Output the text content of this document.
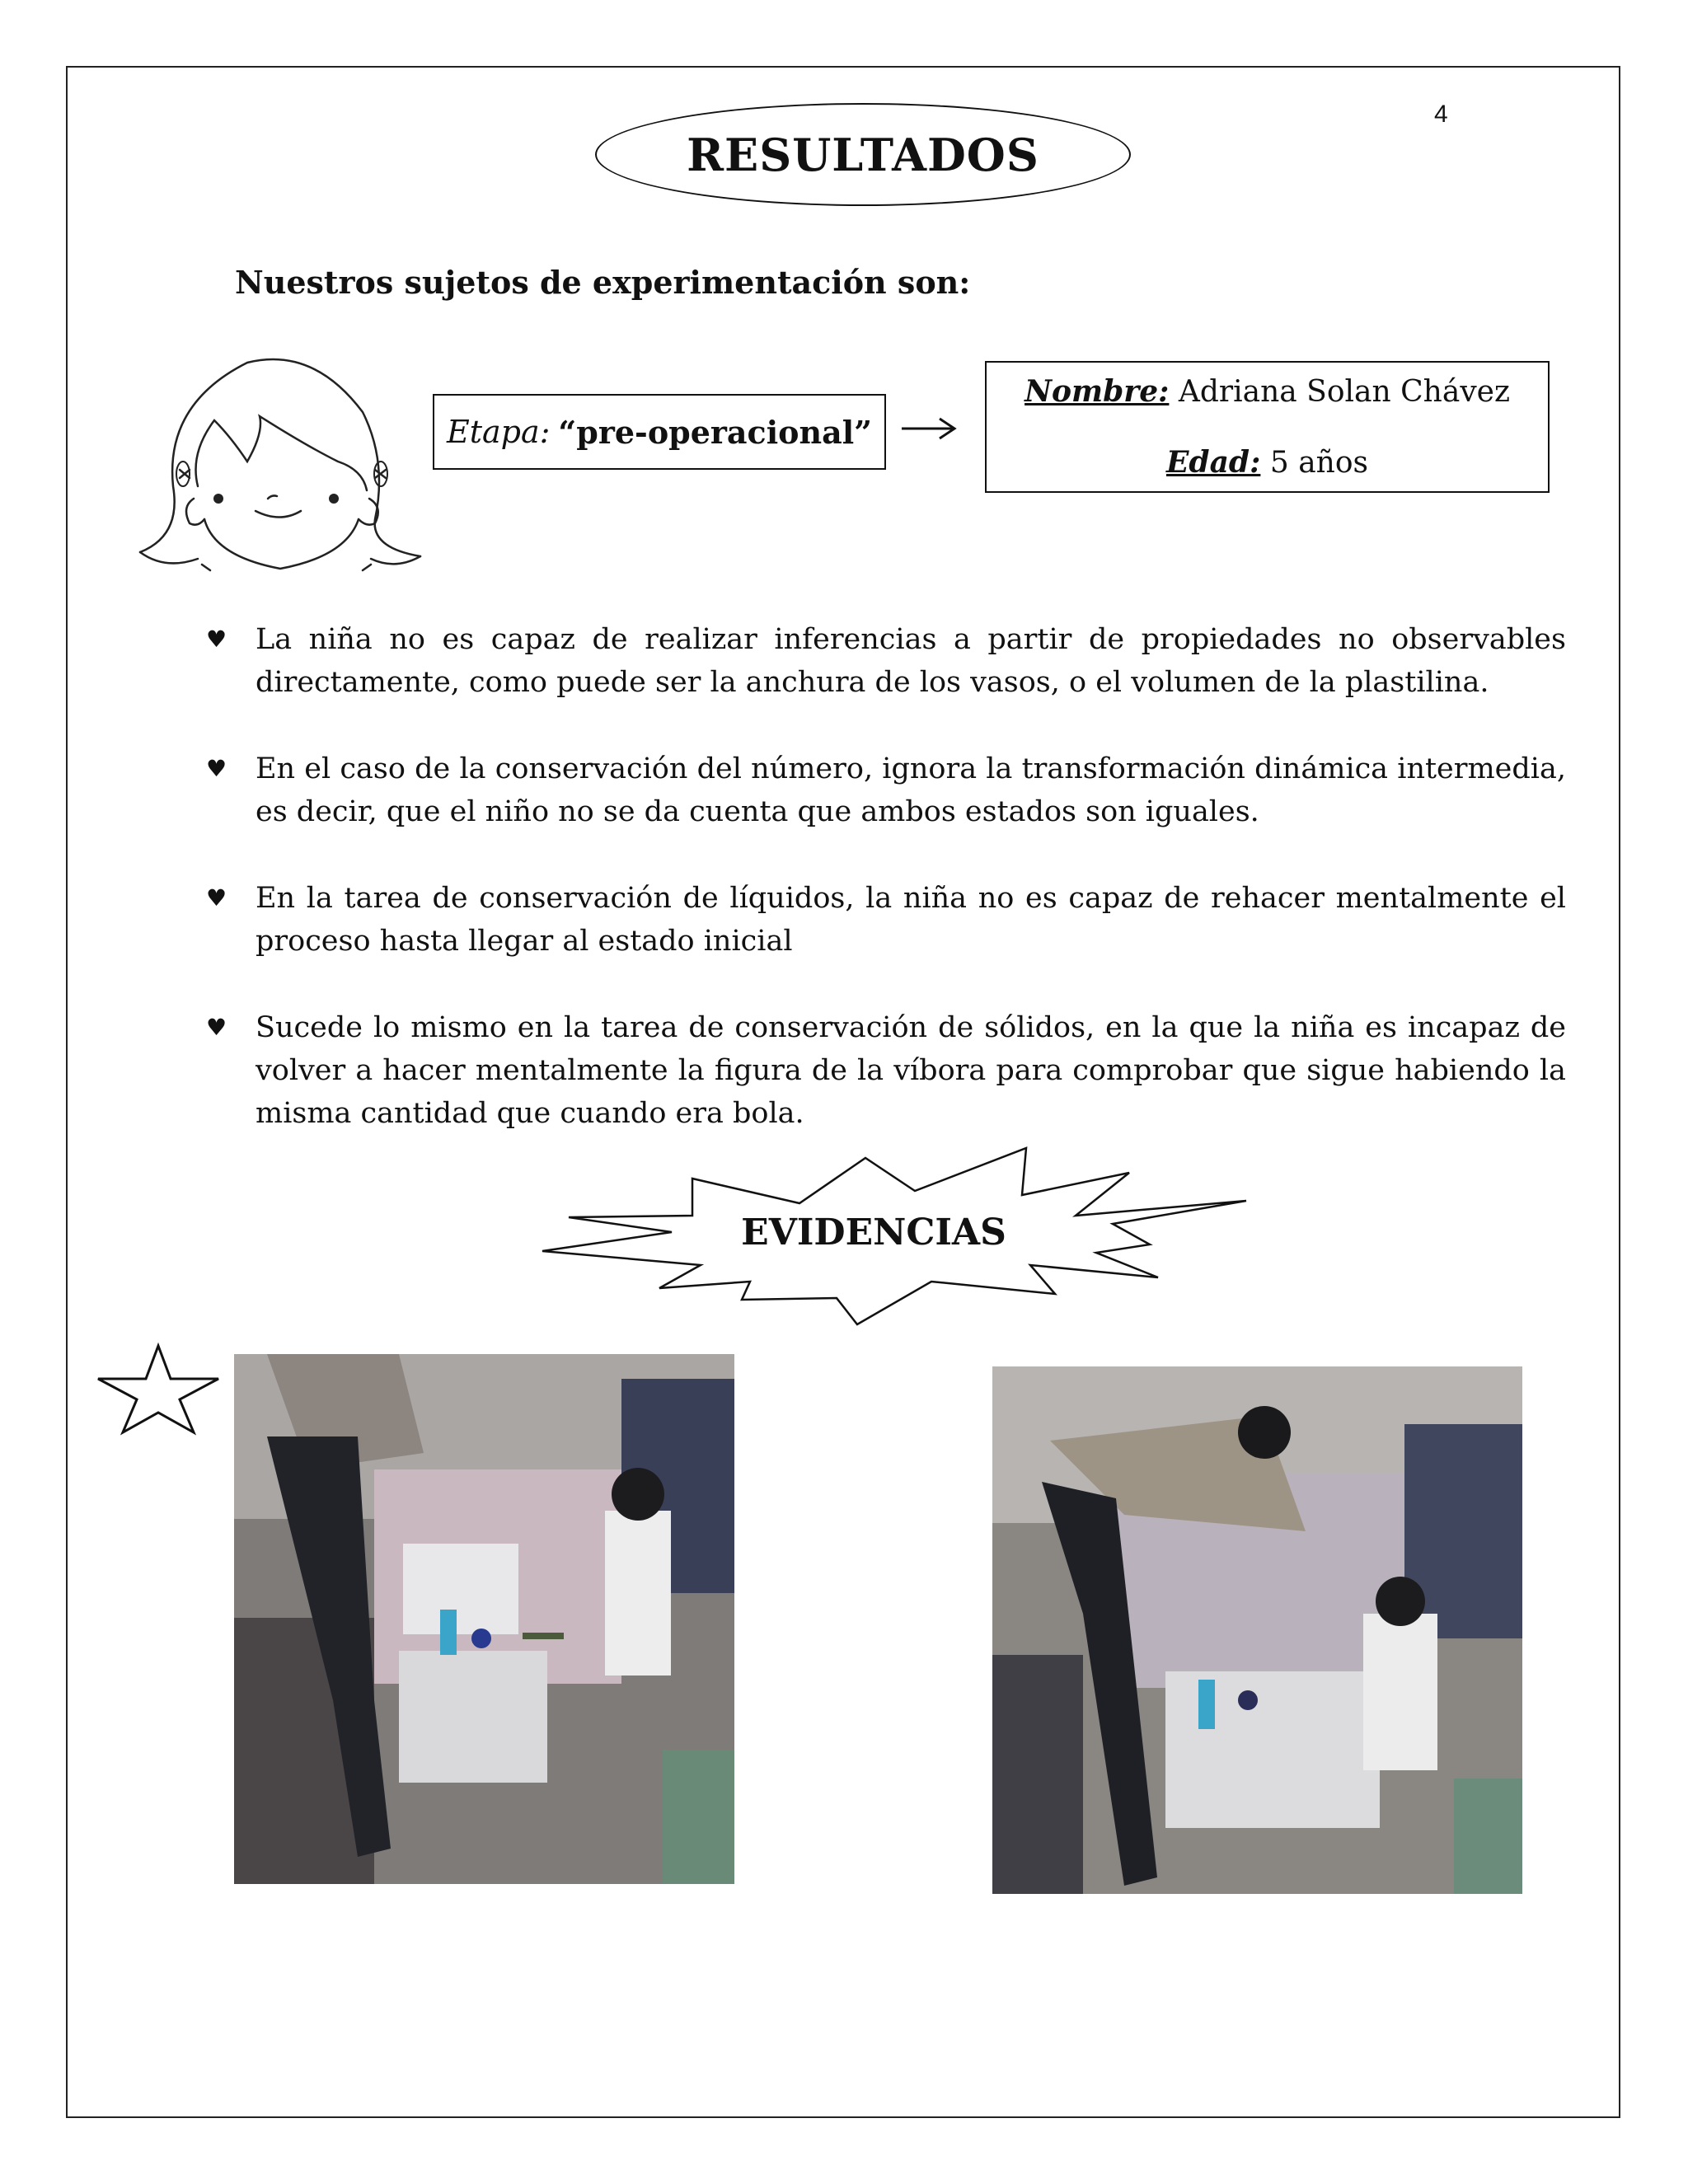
4
RESULTADOS
Nuestros sujetos de experimentación son:
Etapa: “pre-operacional”
Nombre: Adriana Solan Chávez
Edad: 5 años
♥ La niña no es capaz de realizar inferencias a partir de propiedades no observables directamente, como puede ser la anchura de los vasos, o el volumen de la plastilina.
♥ En el caso de la conservación del número, ignora la transformación dinámica intermedia, es decir, que el niño no se da cuenta que ambos estados son iguales.
♥ En la tarea de conservación de líquidos, la niña no es capaz de rehacer mentalmente el proceso hasta llegar al estado inicial
♥ Sucede lo mismo en la tarea de conservación de sólidos, en la que la niña es incapaz de volver a hacer mentalmente la figura de la víbora para comprobar que sigue habiendo la misma cantidad que cuando era bola.
EVIDENCIAS
